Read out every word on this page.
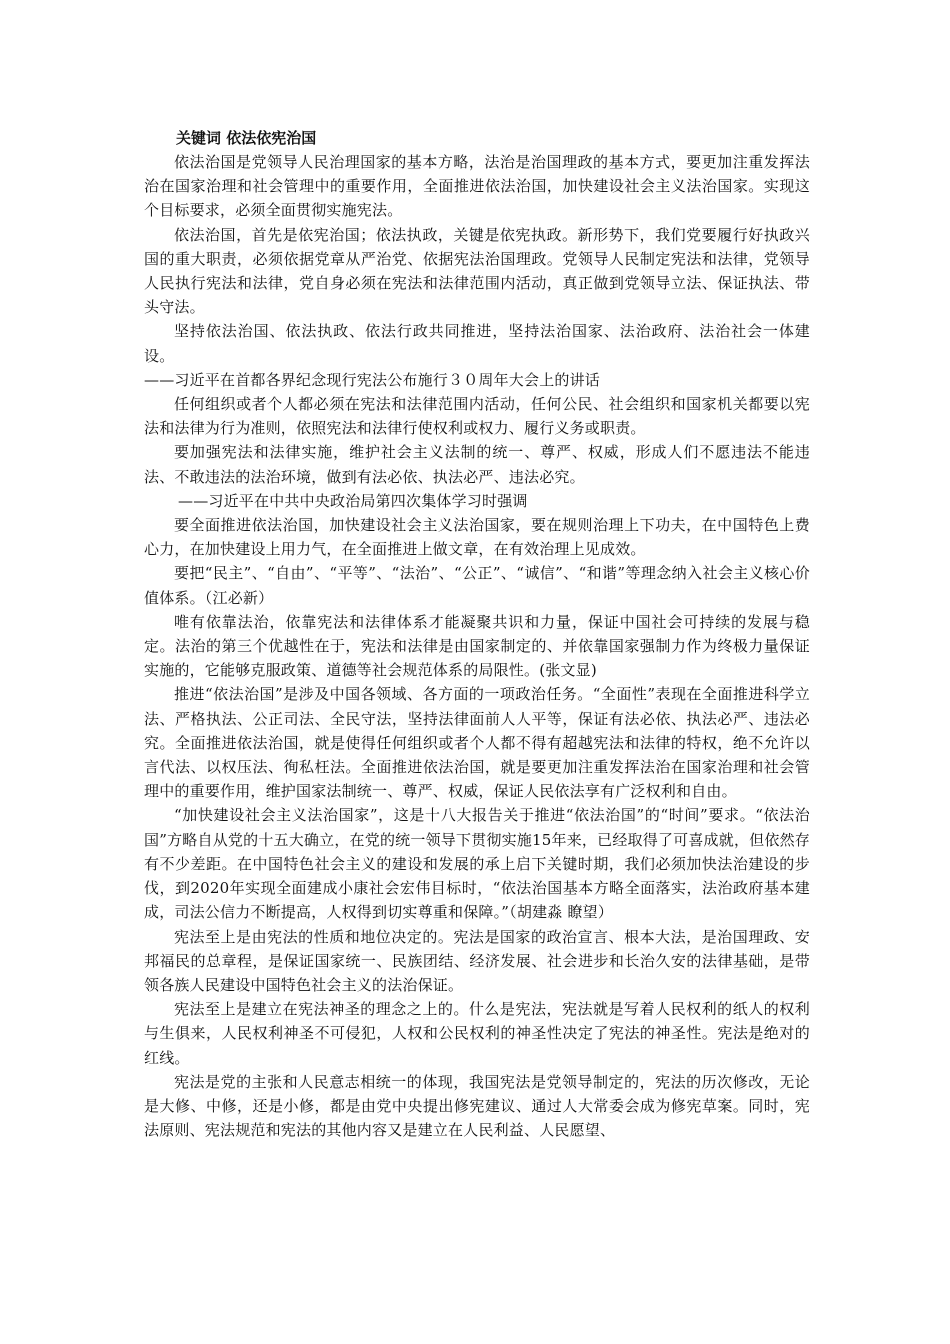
关键词 依法依宪治国

依法治国是党领导人民治理国家的基本方略，法治是治国理政的基本方式，要更加注重发挥法治在国家治理和社会管理中的重要作用，全面推进依法治国，加快建设社会主义法治国家。实现这个目标要求，必须全面贯彻实施宪法。

依法治国，首先是依宪治国；依法执政，关键是依宪执政。新形势下，我们党要履行好执政兴国的重大职责，必须依据党章从严治党、依据宪法治国理政。党领导人民制定宪法和法律，党领导人民执行宪法和法律，党自身必须在宪法和法律范围内活动，真正做到党领导立法、保证执法、带头守法。

坚持依法治国、依法执政、依法行政共同推进，坚持法治国家、法治政府、法治社会一体建设。

——习近平在首都各界纪念现行宪法公布施行３０周年大会上的讲话

任何组织或者个人都必须在宪法和法律范围内活动，任何公民、社会组织和国家机关都要以宪法和法律为行为准则，依照宪法和法律行使权利或权力、履行义务或职责。

要加强宪法和法律实施，维护社会主义法制的统一、尊严、权威，形成人们不愿违法不能违法、不敢违法的法治环境，做到有法必依、执法必严、违法必究。

——习近平在中共中央政治局第四次集体学习时强调

要全面推进依法治国，加快建设社会主义法治国家，要在规则治理上下功夫，在中国特色上费心力，在加快建设上用力气，在全面推进上做文章，在有效治理上见成效。

要把“民主”、“自由”、“平等”、“法治”、“公正”、“诚信”、“和谐”等理念纳入社会主义核心价值体系。（江必新）

唯有依靠法治，依靠宪法和法律体系才能凝聚共识和力量，保证中国社会可持续的发展与稳定。法治的第三个优越性在于，宪法和法律是由国家制定的、并依靠国家强制力作为终极力量保证实施的，它能够克服政策、道德等社会规范体系的局限性。(张文显)

推进“依法治国”是涉及中国各领域、各方面的一项政治任务。“全面性”表现在全面推进科学立法、严格执法、公正司法、全民守法，坚持法律面前人人平等，保证有法必依、执法必严、违法必究。全面推进依法治国，就是使得任何组织或者个人都不得有超越宪法和法律的特权，绝不允许以言代法、以权压法、徇私枉法。全面推进依法治国，就是要更加注重发挥法治在国家治理和社会管理中的重要作用，维护国家法制统一、尊严、权威，保证人民依法享有广泛权利和自由。

“加快建设社会主义法治国家”，这是十八大报告关于推进“依法治国”的“时间”要求。“依法治国”方略自从党的十五大确立，在党的统一领导下贯彻实施15年来，已经取得了可喜成就，但依然存有不少差距。在中国特色社会主义的建设和发展的承上启下关键时期，我们必须加快法治建设的步伐，到2020年实现全面建成小康社会宏伟目标时，“依法治国基本方略全面落实，法治政府基本建成，司法公信力不断提高，人权得到切实尊重和保障。”（胡建淼 瞭望）

宪法至上是由宪法的性质和地位决定的。宪法是国家的政治宣言、根本大法，是治国理政、安邦福民的总章程，是保证国家统一、民族团结、经济发展、社会进步和长治久安的法律基础，是带领各族人民建设中国特色社会主义的法治保证。

宪法至上是建立在宪法神圣的理念之上的。什么是宪法，宪法就是写着人民权利的纸人的权利与生俱来，人民权利神圣不可侵犯，人权和公民权利的神圣性决定了宪法的神圣性。宪法是绝对的红线。

宪法是党的主张和人民意志相统一的体现，我国宪法是党领导制定的，宪法的历次修改，无论是大修、中修，还是小修，都是由党中央提出修宪建议、通过人大常委会成为修宪草案。同时，宪法原则、宪法规范和宪法的其他内容又是建立在人民利益、人民愿望、
